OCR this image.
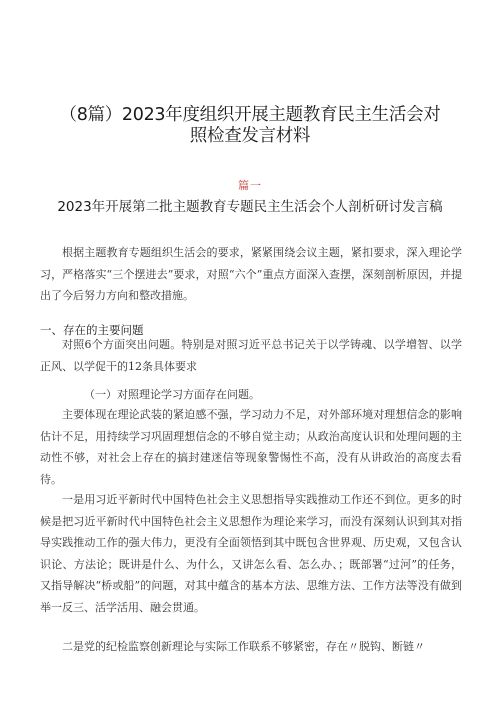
（8篇）2023年度组织开展主题教育民主生活会对
照检查发言材料
篇一
2023年开展第二批主题教育专题民主生活会个人剖析研讨发言稿
根据主题教育专题组织生活会的要求，紧紧围绕会议主题，紧扣要求，深入理论学习，严格落实“三个摆进去”要求，对照“六个”重点方面深入查摆，深刻剖析原因，并提出了今后努力方向和整改措施。
一、存在的主要问题
对照6个方面突出问题。特别是对照习近平总书记关于以学铸魂、以学增智、以学正风、以学促干的12条具体要求
（一）对照理论学习方面存在问题。
主要体现在理论武装的紧迫感不强，学习动力不足，对外部环境对理想信念的影响估计不足，用持续学习巩固理想信念的不够自觉主动；从政治高度认识和处理问题的主动性不够，对社会上存在的搞封建迷信等现象警惕性不高，没有从讲政治的高度去看待。
一是用习近平新时代中国特色社会主义思想指导实践推动工作还不到位。更多的时候是把习近平新时代中国特色社会主义思想作为理论来学习，而没有深刻认识到其对指导实践推动工作的强大伟力，更没有全面领悟到其中既包含世界观、历史观，又包含认识论、方法论；既讲是什么、为什么，又讲怎么看、怎么办、；既部署“过河”的任务，又指导解决“桥或船”的问题，对其中蕴含的基本方法、思维方法、工作方法等没有做到举一反三、活学活用、融会贯通。
二是党的纪检监察创新理论与实际工作联系不够紧密，存在〃脱钩、断链〃
